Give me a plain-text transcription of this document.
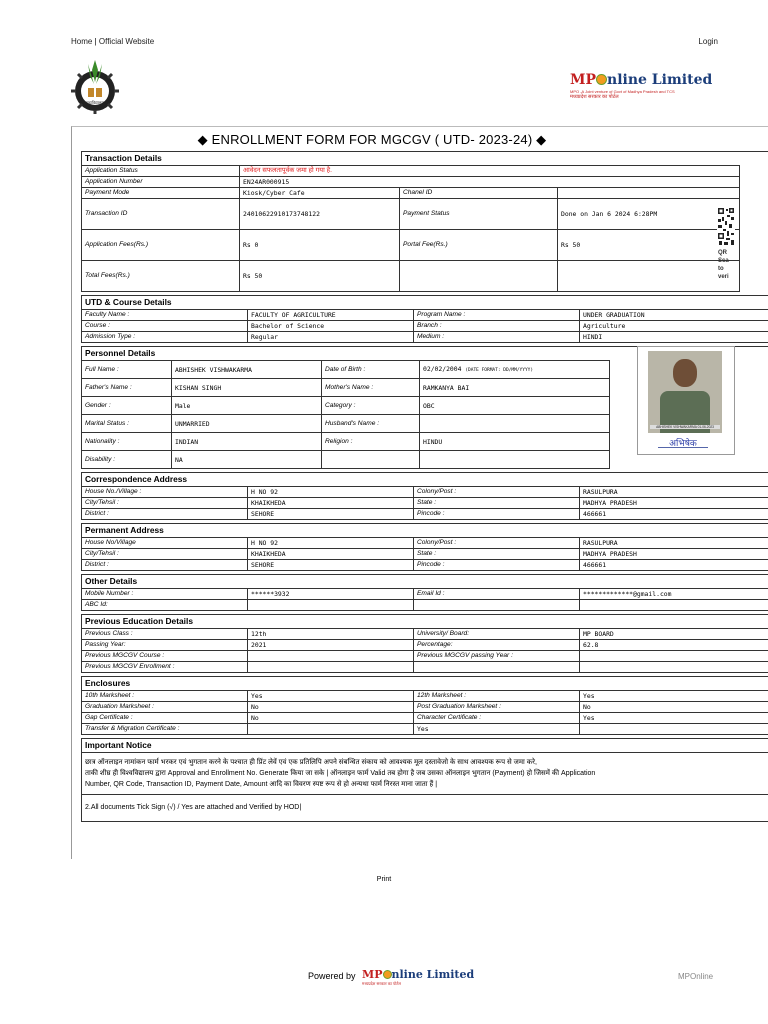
Home | Official Website	Login
महाविद्यालय
MP nline Limited
MPO -A Joint venture of Govt of Madhya Pradesh and TCS
मध्यप्रदेश सरकार का पोर्टल
◆ ENROLLMENT FORM FOR MGCGV ( UTD- 2023-24) ◆
Transaction Details
Application Status	आवेदन सफलतापूर्वक जमा हो गया है.		
Application Number	EN24AR000915		
Payment Mode	Kiosk/Cyber Cafe	Chanel ID	
Transaction ID	240106229101737481​22	Payment Status	Done on Jan 6 2024 6:28PM
Application Fees(Rs.)	Rs 0	Portal Fee(Rs.)	Rs 50
Total Fees(Rs.)	Rs 50		
UTD & Course Details
Faculty Name :	FACULTY OF AGRICULTURE	Program Name :	UNDER GRADUATION
Course :	Bachelor of Science	Branch :	Agriculture
Admission Type :	Regular	Medium :	HINDI
Personnel Details
Full Name :	ABHISHEK VISHWAKARMA	Date of Birth :	02/02/2004 (DATE FORMAT: DD/MM/YYYY)	
Father's Name :	KISHAN SINGH	Mother's Name :	RAMKANYA BAI	
Gender :	Male	Category :	OBC	
Marital Status :	UNMARRIED	Husband's Name :		
Nationality :	INDIAN	Religion :	HINDU	
Disability :	NA			
Correspondence Address
House No./Village :	H NO 92	Colony/Post :	RASULPURA
City/Tehsil :	KHAIKHEDA	State :	MADHYA PRADESH
District :	SEHORE	Pincode :	466661
Permanent Address
House No/Village	H NO 92	Colony/Post :	RASULPURA
City/Tehsil :	KHAIKHEDA	State :	MADHYA PRADESH
District :	SEHORE	Pincode :	466661
Other Details
Mobile Number :	******3932	Email Id :	*************@gmail.com
ABC Id:			
Previous Education Details
Previous Class :	12th	University/ Board:	MP BOARD
Passing Year:	2021	Percentage:	62.8
Previous MGCGV Course :		Previous MGCGV passing Year :	
Previous MGCGV Enrollment :			
Enclosures
10th Marksheet :	Yes	12th Marksheet :	Yes
Graduation Marksheet :	No	Post Graduation Marksheet :	No
Gap Certificate :	No	Character Certificate :	Yes
Transfer & Migration Certificate :		Yes	
Important Notice
छात्र ऑनलाइन नामांकन फार्म भरकर एवं भुगतान करने के पश्चात ही प्रिंट लेवें एवं एक प्रतिलिपि अपने संबन्धित संकाय को आवश्यक मूल दस्तावेजो के साथ आवश्यक रूप से जमा करे,
ताकी शीघ्र ही विश्वविद्यालय द्वारा Approval and Enrollment No. Generate किया जा सके | ऑनलाइन फार्म Valid तब होगा है जब उसका ऑनलाइन भुगतान (Payment) हो जिसमें की Application
Number, QR Code, Transaction ID, Payment Date, Amount आदि का विवरण स्पष्ट रूप से हो अन्यथा फार्म निरस्त माना जाता हैं |
2.All documents Tick Sign (√) / Yes are attached and Verified by HOD|
QR
Sca
to
veri
ABHISHEK VISHWAKARMA 01-06-2023
अभिषेक
Print
Powered by MP nline Limited
मध्यप्रदेश सरकार का पोर्टल
MPOnline
